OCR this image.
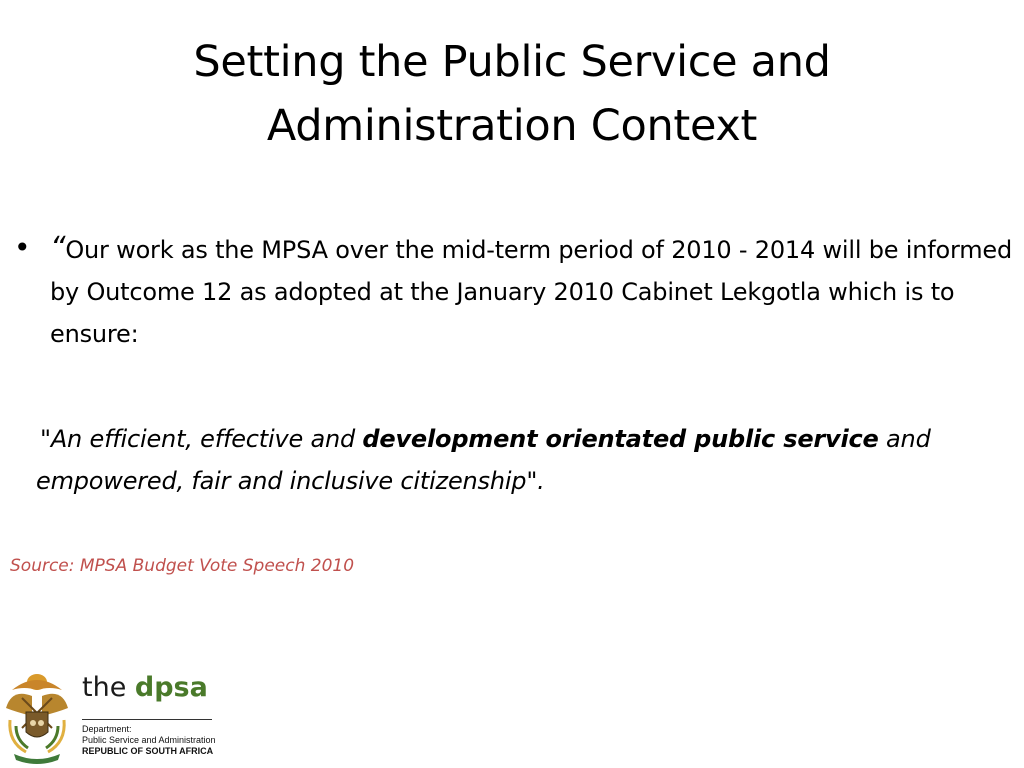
Setting the Public Service and
Administration Context
• “Our work as the MPSA over the mid-term period of 2010 - 2014 will be informed by Outcome 12 as adopted at the January 2010 Cabinet Lekgotla which is to ensure:
"An efficient, effective and development orientated public service and empowered, fair and inclusive citizenship".
Source: MPSA Budget Vote Speech 2010
the dpsa
Department:
Public Service and Administration
REPUBLIC OF SOUTH AFRICA
